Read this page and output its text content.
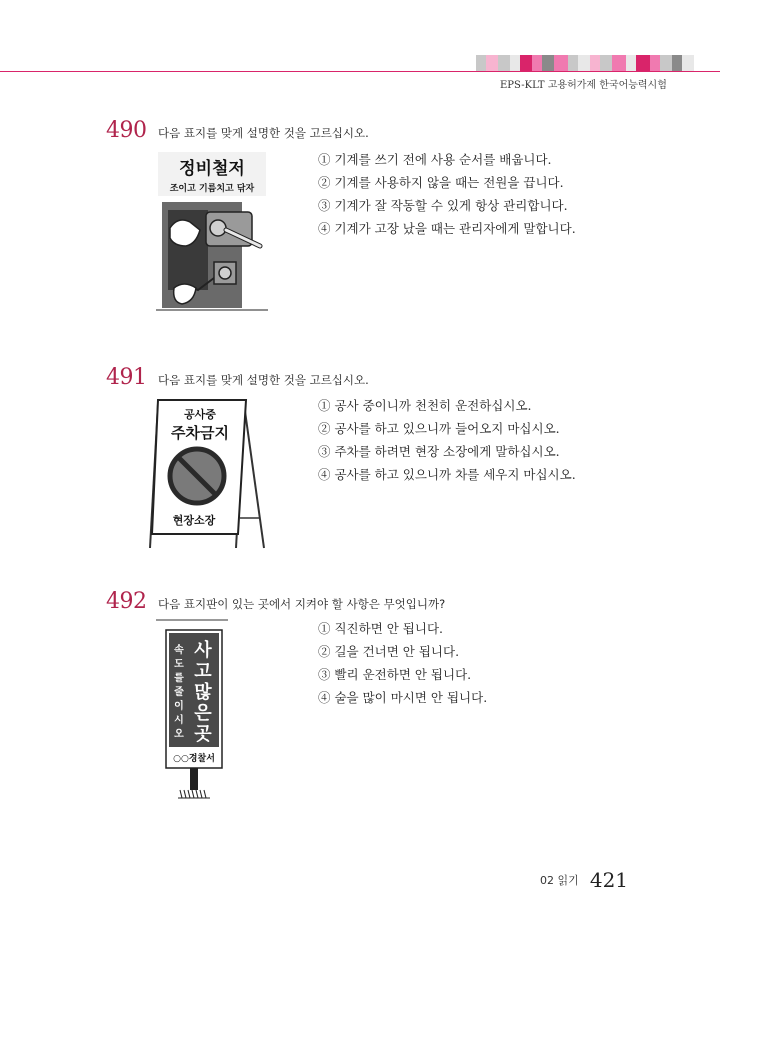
EPS-KLT 고용허가제 한국어능력시험
490 다음 표지를 맞게 설명한 것을 고르십시오.
① 기계를 쓰기 전에 사용 순서를 배웁니다.
② 기계를 사용하지 않을 때는 전원을 끕니다.
③ 기계가 잘 작동할 수 있게 항상 관리합니다.
④ 기계가 고장 났을 때는 관리자에게 말합니다.
정비철저
조이고 기름치고 닦자
491 다음 표지를 맞게 설명한 것을 고르십시오.
① 공사 중이니까 천천히 운전하십시오.
② 공사를 하고 있으니까 들어오지 마십시오.
③ 주차를 하려면 현장 소장에게 말하십시오.
④ 공사를 하고 있으니까 차를 세우지 마십시오.
공사중
주차금지
현장소장
492 다음 표지판이 있는 곳에서 지켜야 할 사항은 무엇입니까?
① 직진하면 안 됩니다.
② 길을 건너면 안 됩니다.
③ 빨리 운전하면 안 됩니다.
④ 술을 많이 마시면 안 됩니다.
속
도
를
줄
이
시
오
사
고
많
은
곳
○○경찰서
02 읽기 421
